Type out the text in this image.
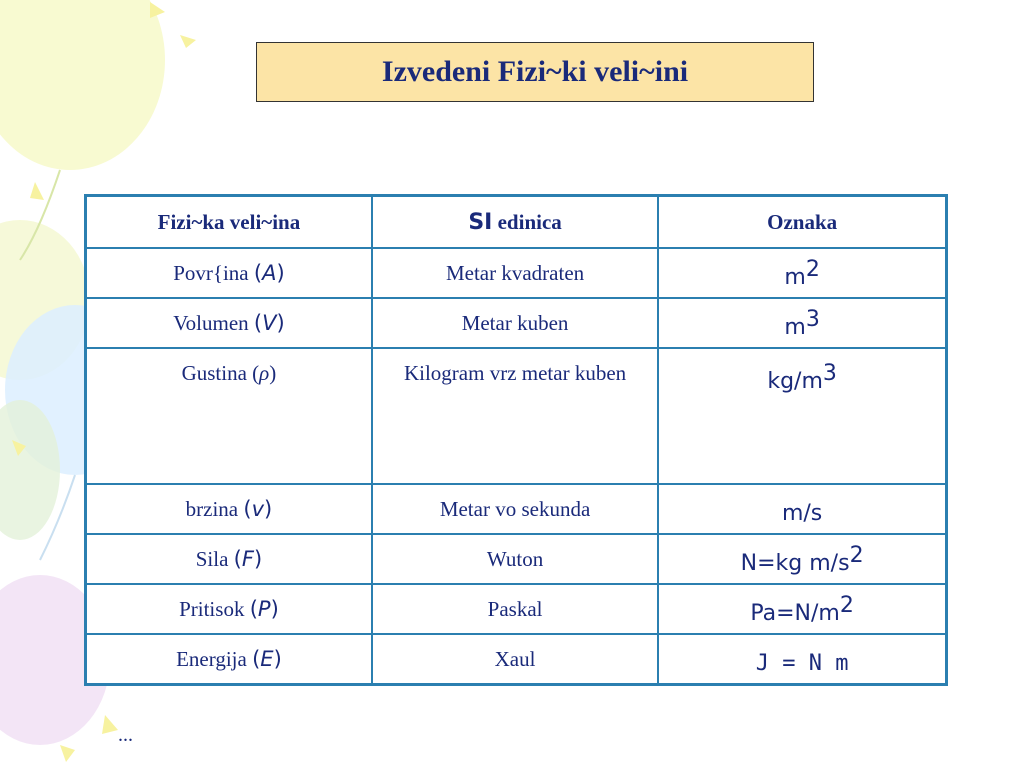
Izvedeni Fizi~ki veli~ini
Fizi~ka veli~ina	SI edinica	Oznaka
Povr{ina (A)	Metar kvadraten	$m^2$
Volumen (V)	Metar kuben	$m^3$
Gustina (ρ)	Kilogram vrz metar kuben	$kg/m^3$
brzina (v)	Metar vo sekunda	m/s
Sila (F)	Wuton	N=kg $m/s^2$
Pritisok (P)	Paskal	$Pa=N/m^2$
Energija (E)	Xaul	J = N m
...
